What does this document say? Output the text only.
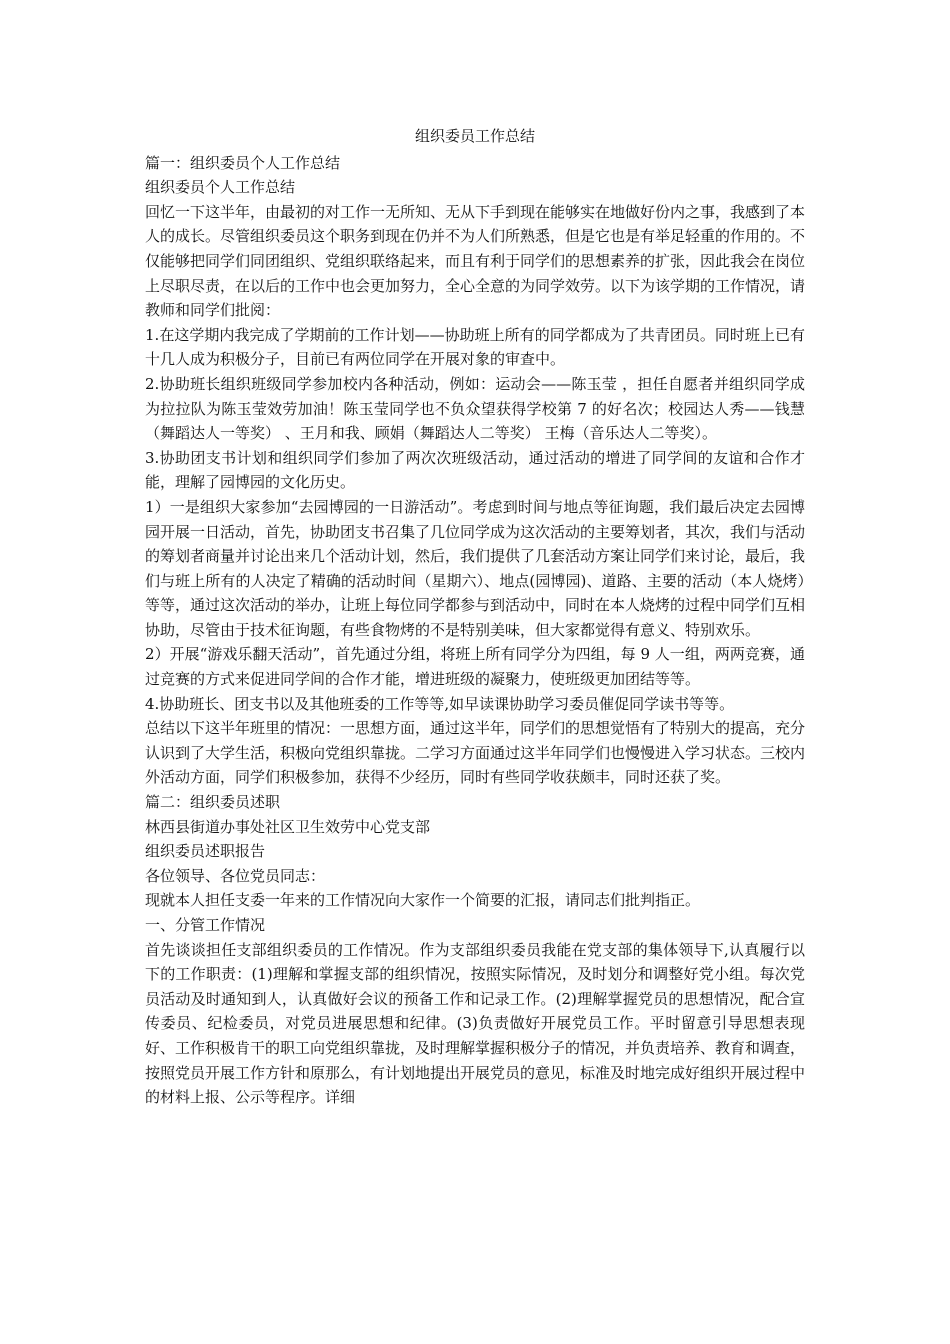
组织委员工作总结

篇一：组织委员个人工作总结

组织委员个人工作总结

回忆一下这半年，由最初的对工作一无所知、无从下手到现在能够实在地做好份内之事，我感到了本人的成长。尽管组织委员这个职务到现在仍并不为人们所熟悉，但是它也是有举足轻重的作用的。不仅能够把同学们同团组织、党组织联络起来，而且有利于同学们的思想素养的扩张，因此我会在岗位上尽职尽责，在以后的工作中也会更加努力，全心全意的为同学效劳。以下为该学期的工作情况，请教师和同学们批阅：

1.在这学期内我完成了学期前的工作计划——协助班上所有的同学都成为了共青团员。同时班上已有十几人成为积极分子，目前已有两位同学在开展对象的审查中。

2.协助班长组织班级同学参加校内各种活动，例如：运动会——陈玉莹 ，担任自愿者并组织同学成为拉拉队为陈玉莹效劳加油！陈玉莹同学也不负众望获得学校第 7 的好名次；校园达人秀——钱慧（舞蹈达人一等奖） 、王月和我、顾娟（舞蹈达人二等奖） 王梅（音乐达人二等奖）。

3.协助团支书计划和组织同学们参加了两次次班级活动，通过活动的增进了同学间的友谊和合作才能，理解了园博园的文化历史。

1）一是组织大家参加“去园博园的一日游活动”。考虑到时间与地点等征询题，我们最后决定去园博园开展一日活动，首先，协助团支书召集了几位同学成为这次活动的主要筹划者，其次，我们与活动的筹划者商量并讨论出来几个活动计划，然后，我们提供了几套活动方案让同学们来讨论，最后，我们与班上所有的人决定了精确的活动时间（星期六）、地点(园博园)、道路、主要的活动（本人烧烤）等等，通过这次活动的举办，让班上每位同学都参与到活动中，同时在本人烧烤的过程中同学们互相协助，尽管由于技术征询题，有些食物烤的不是特别美味，但大家都觉得有意义、特别欢乐。

2）开展“游戏乐翻天活动”，首先通过分组，将班上所有同学分为四组，每 9 人一组，两两竞赛，通过竞赛的方式来促进同学间的合作才能，增进班级的凝聚力，使班级更加团结等等。

4.协助班长、团支书以及其他班委的工作等等,如早读课协助学习委员催促同学读书等等。

总结以下这半年班里的情况：一思想方面，通过这半年，同学们的思想觉悟有了特别大的提高，充分认识到了大学生活，积极向党组织靠拢。二学习方面通过这半年同学们也慢慢进入学习状态。三校内外活动方面，同学们积极参加，获得不少经历，同时有些同学收获颇丰，同时还获了奖。

篇二：组织委员述职

林西县街道办事处社区卫生效劳中心党支部

组织委员述职报告

各位领导、各位党员同志：

现就本人担任支委一年来的工作情况向大家作一个简要的汇报，请同志们批判指正。

一、分管工作情况

首先谈谈担任支部组织委员的工作情况。作为支部组织委员我能在党支部的集体领导下,认真履行以下的工作职责：(1)理解和掌握支部的组织情况，按照实际情况，及时划分和调整好党小组。每次党员活动及时通知到人，认真做好会议的预备工作和记录工作。(2)理解掌握党员的思想情况，配合宣传委员、纪检委员，对党员进展思想和纪律。(3)负责做好开展党员工作。平时留意引导思想表现好、工作积极肯干的职工向党组织靠拢，及时理解掌握积极分子的情况，并负责培养、教育和调查，按照党员开展工作方针和原那么，有计划地提出开展党员的意见，标准及时地完成好组织开展过程中的材料上报、公示等程序。详细
